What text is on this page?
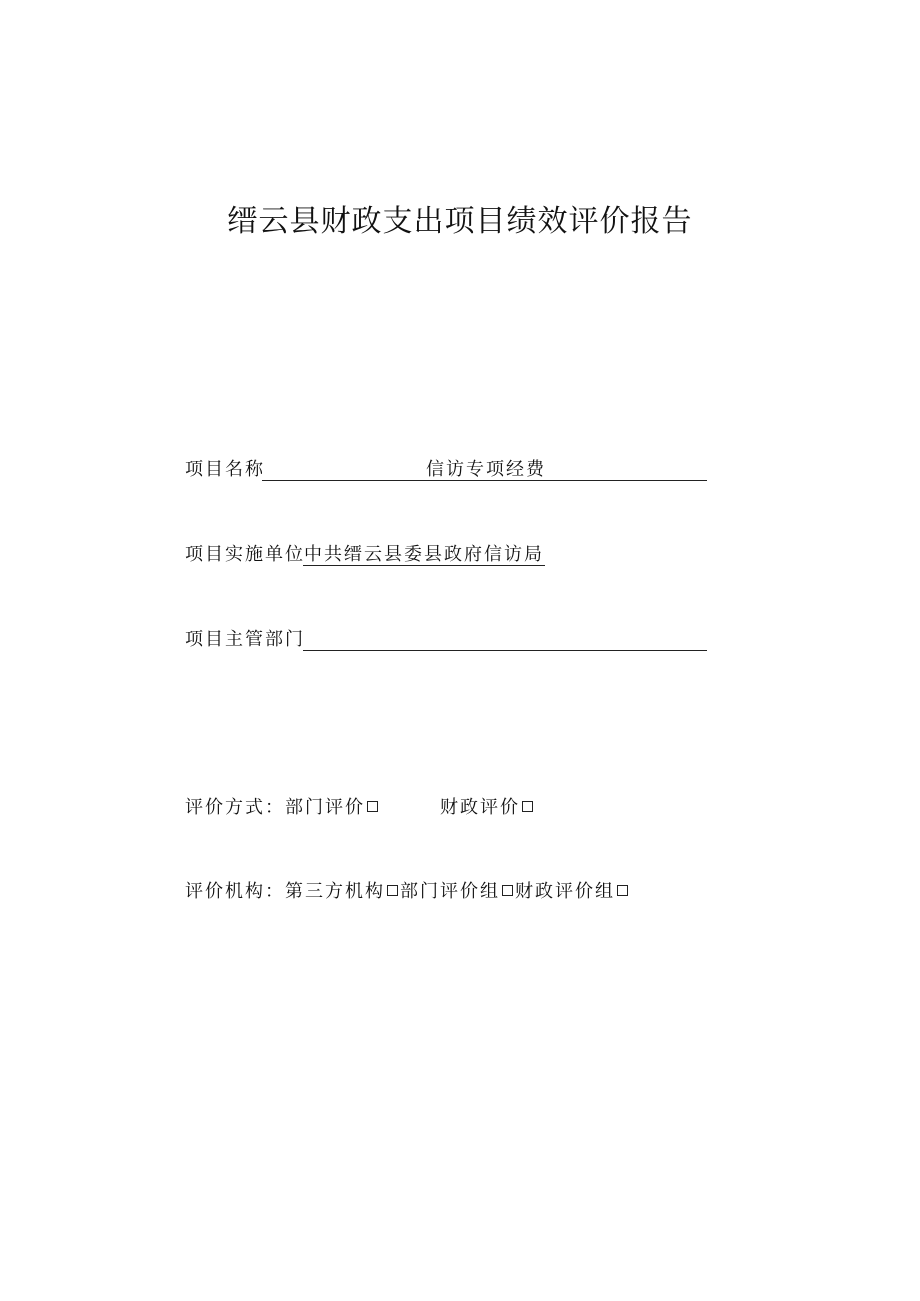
缙云县财政支出项目绩效评价报告
项目名称	信访专项经费
项目实施单位 中共缙云县委县政府信访局
项目主管部门
评价方式：部门评价	财政评价
评价机构：第三方机构 部门评价组 财政评价组
